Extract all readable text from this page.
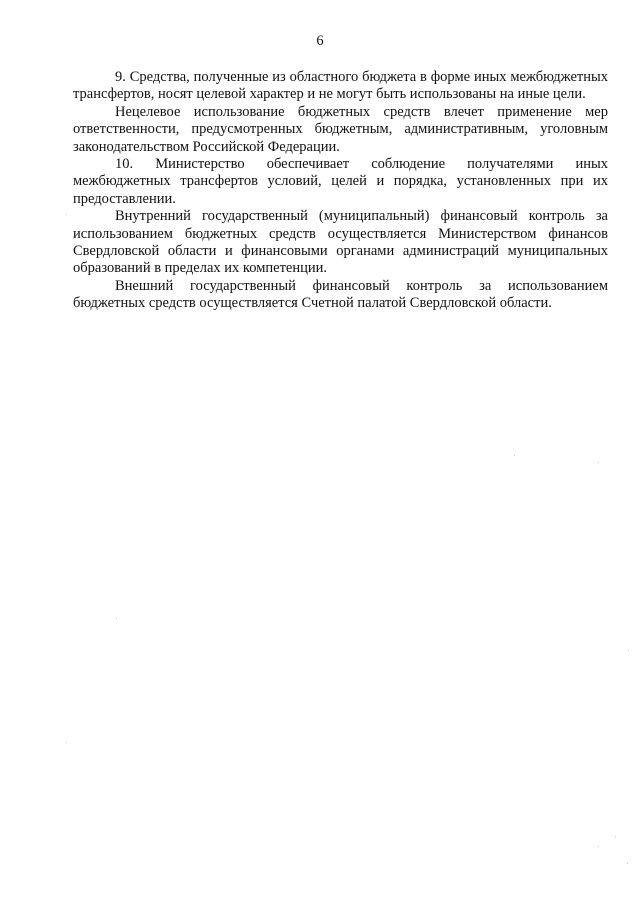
6

9. Средства, полученные из областного бюджета в форме иных межбюджетных трансфертов, носят целевой характер и не могут быть использованы на иные цели.

Нецелевое использование бюджетных средств влечет применение мер ответственности, предусмотренных бюджетным, административным, уголовным законодательством Российской Федерации.

10. Министерство обеспечивает соблюдение получателями иных межбюджетных трансфертов условий, целей и порядка, установленных при их предоставлении.

Внутренний государственный (муниципальный) финансовый контроль за использованием бюджетных средств осуществляется Министерством финансов Свердловской области и финансовыми органами администраций муниципальных образований в пределах их компетенции.

Внешний государственный финансовый контроль за использованием бюджетных средств осуществляется Счетной палатой Свердловской области.
